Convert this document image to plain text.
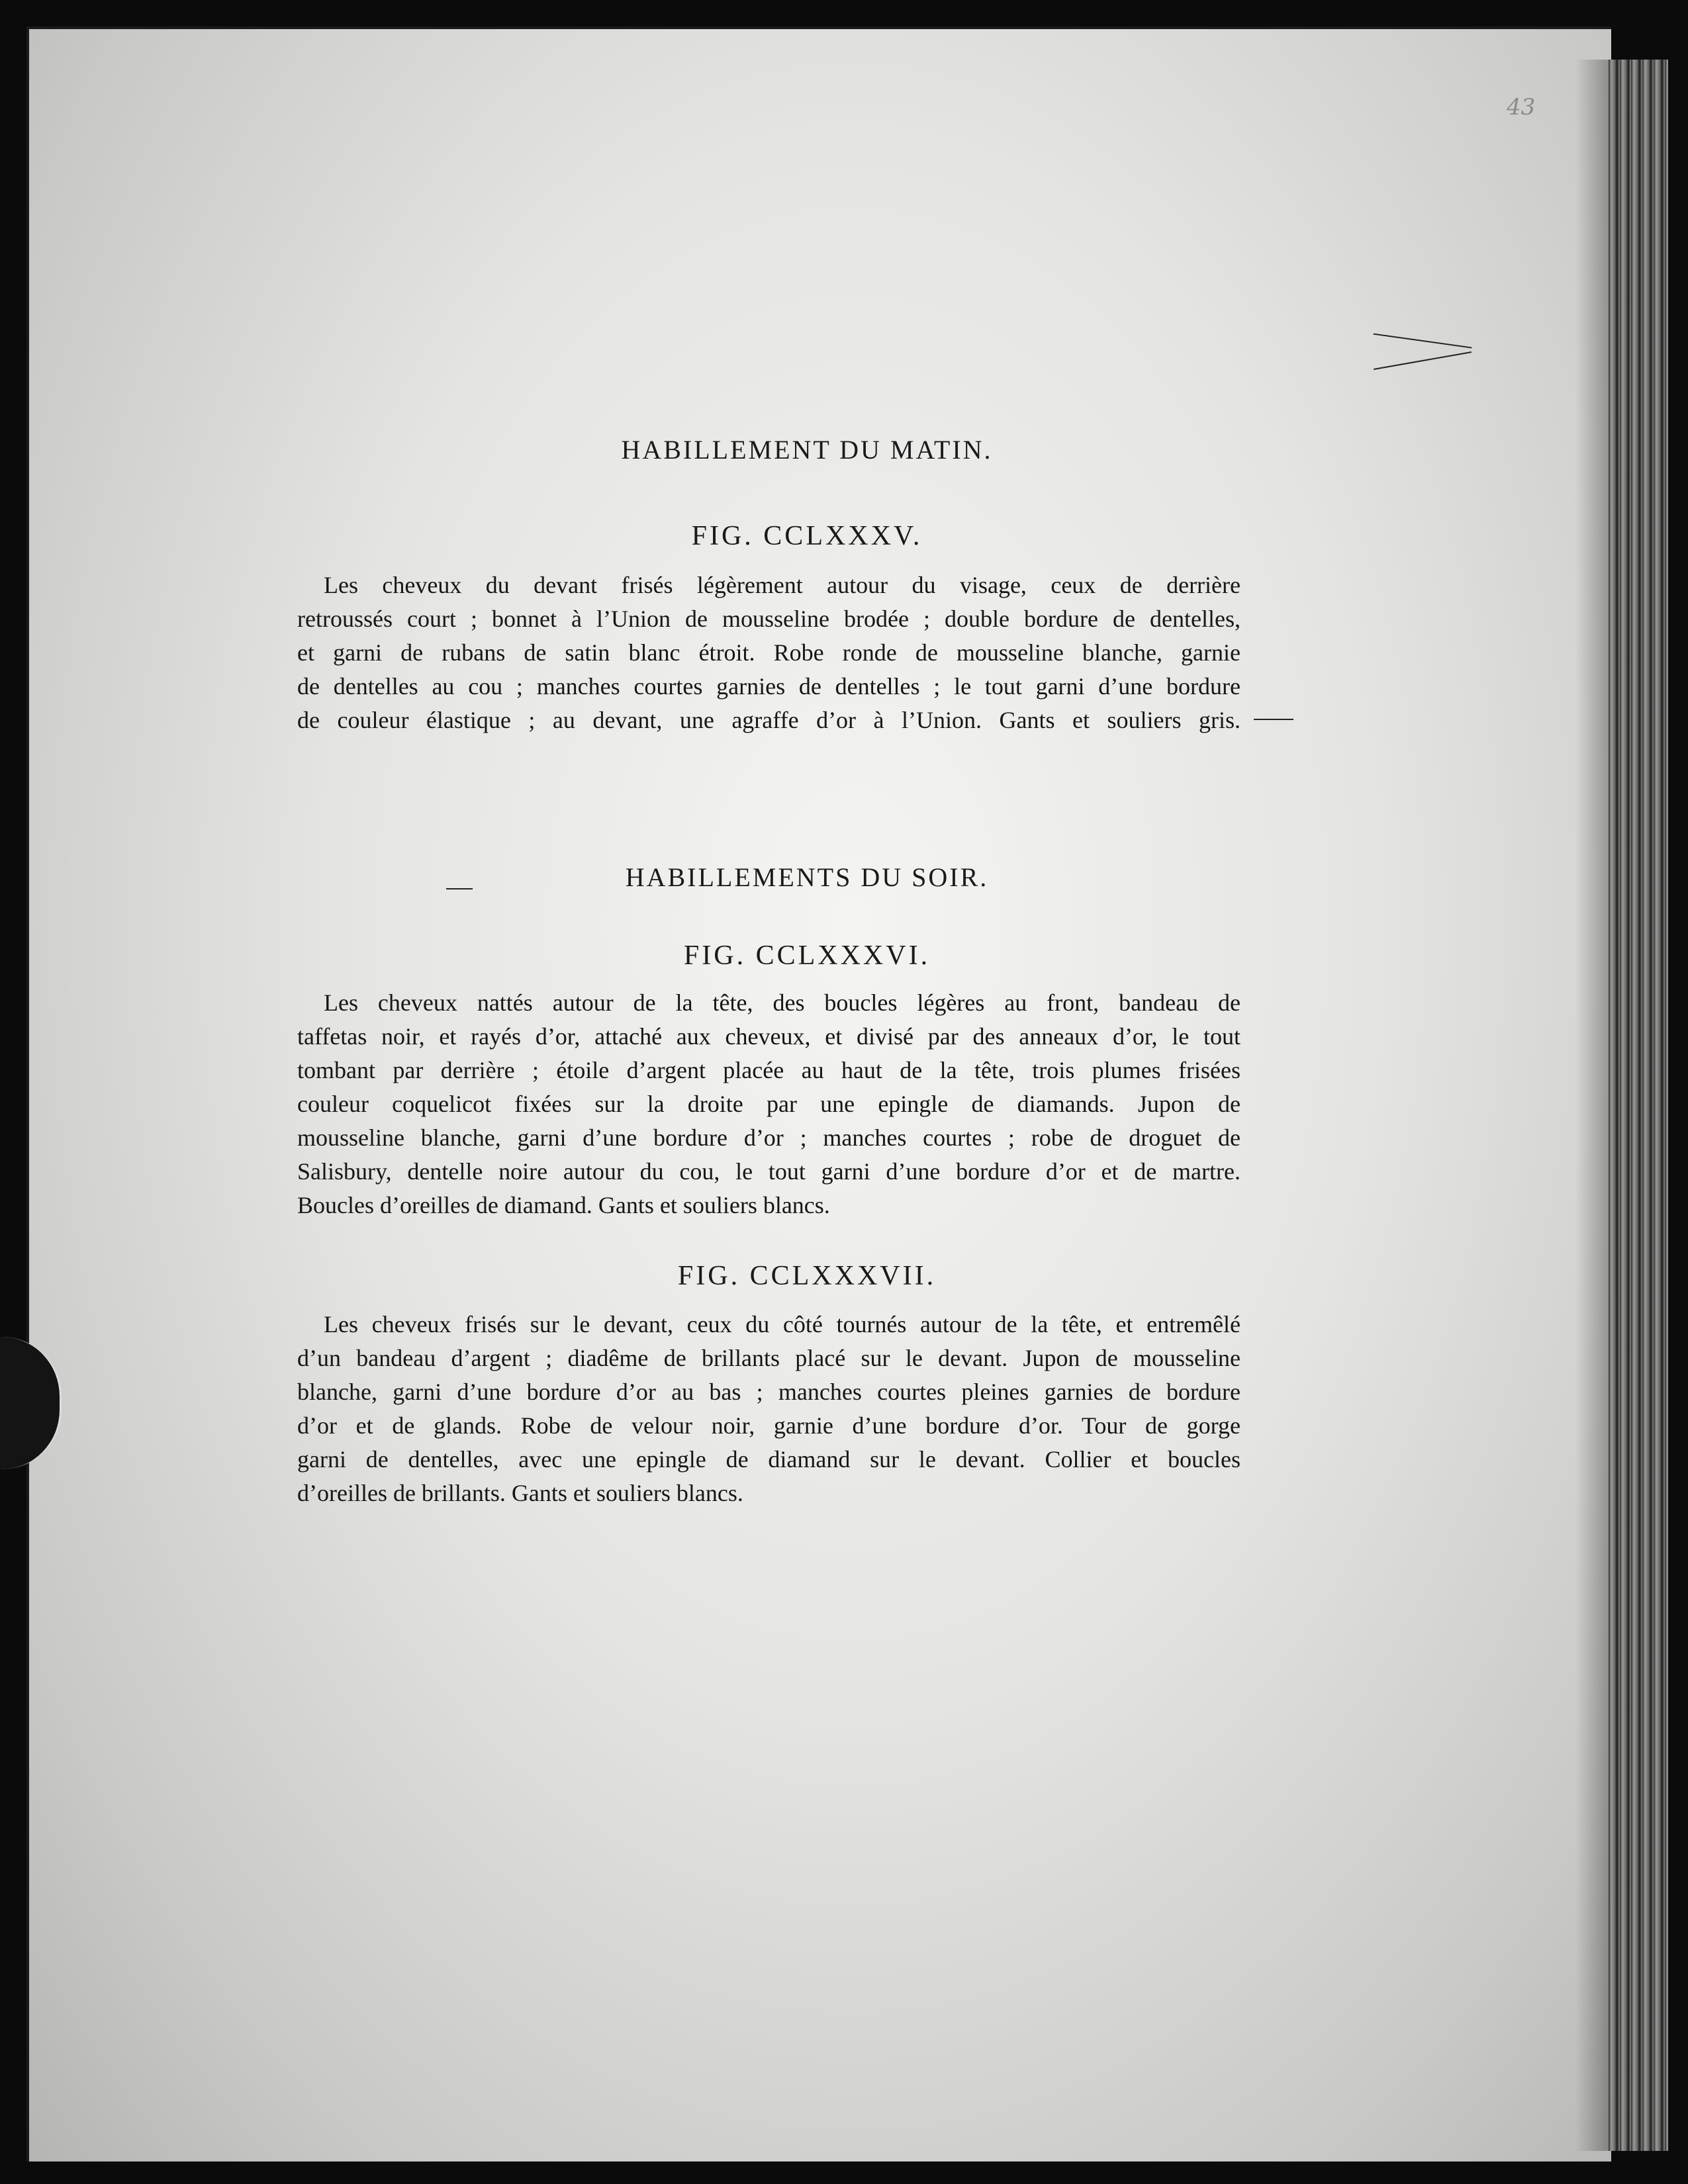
43
HABILLEMENT DU MATIN.
FIG. CCLXXXV.
Les cheveux du devant frisés légèrement autour du visage, ceux de derrière
retroussés court ; bonnet à l’Union de mousseline brodée ; double bordure de dentelles,
et garni de rubans de satin blanc étroit. Robe ronde de mousseline blanche, garnie
de dentelles au cou ; manches courtes garnies de dentelles ; le tout garni d’une bordure
de couleur élastique ; au devant, une agraffe d’or à l’Union. Gants et souliers gris.
HABILLEMENTS DU SOIR.
FIG. CCLXXXVI.
Les cheveux nattés autour de la tête, des boucles légères au front, bandeau de
taffetas noir, et rayés d’or, attaché aux cheveux, et divisé par des anneaux d’or, le tout
tombant par derrière ; étoile d’argent placée au haut de la tête, trois plumes frisées
couleur coquelicot fixées sur la droite par une epingle de diamands. Jupon de
mousseline blanche, garni d’une bordure d’or ; manches courtes ; robe de droguet de
Salisbury, dentelle noire autour du cou, le tout garni d’une bordure d’or et de martre.
Boucles d’oreilles de diamand. Gants et souliers blancs.
FIG. CCLXXXVII.
Les cheveux frisés sur le devant, ceux du côté tournés autour de la tête, et entremêlé
d’un bandeau d’argent ; diadême de brillants placé sur le devant. Jupon de mousseline
blanche, garni d’une bordure d’or au bas ; manches courtes pleines garnies de bordure
d’or et de glands. Robe de velour noir, garnie d’une bordure d’or. Tour de gorge
garni de dentelles, avec une epingle de diamand sur le devant. Collier et boucles
d’oreilles de brillants. Gants et souliers blancs.
